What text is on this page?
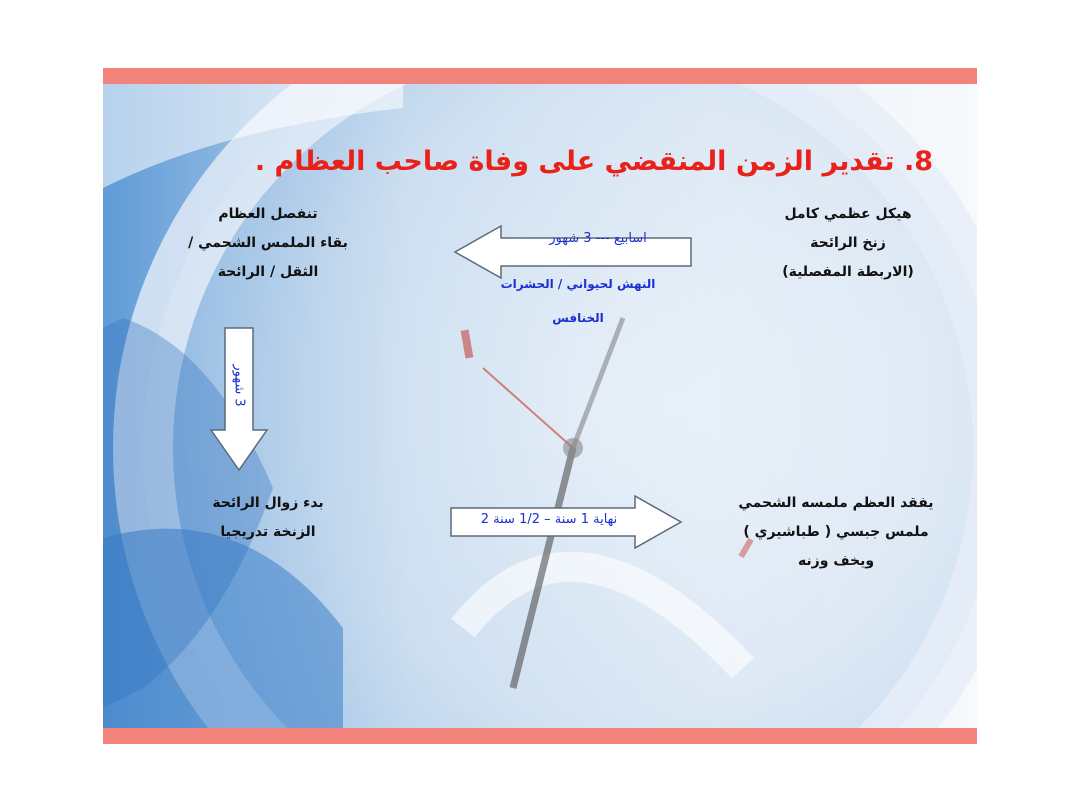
8. تقدير الزمن المنقضي على وفاة صاحب العظام .
هيكل عظمي كامل
زنخ الرائحة
(الاربطة المفصلية)
تنفصل العظام
بقاء الملمس الشحمي /
الثقل / الرائحة
اسابيع --- 3 شهور
النهش لحيواني / الحشرات
الخنافس
3 شهور
بدء زوال الرائحة
الزنخة تدريجيا
نهاية 1 سنة – 1/2 سنة 2
يفقد العظم ملمسه الشحمي
ملمس جبسي ( طباشيري )
ويخف وزنه
